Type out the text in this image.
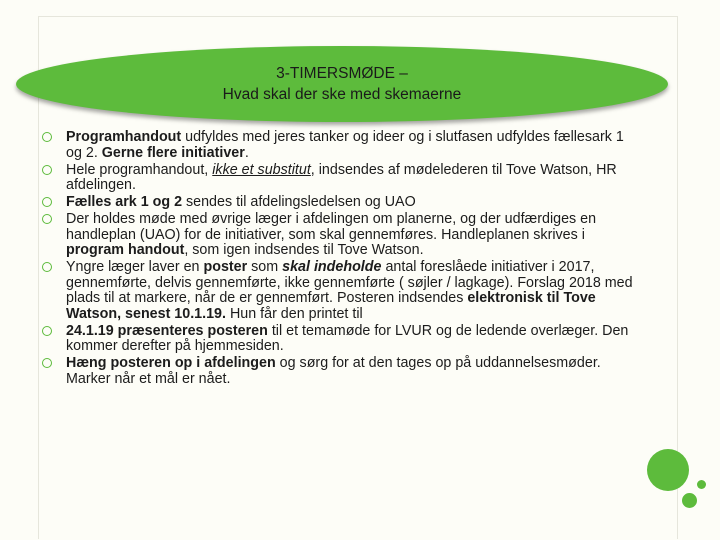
3-TIMERSMØDE –
Hvad skal der ske med skemaerne
Programhandout udfyldes med jeres tanker og ideer og i slutfasen udfyldes fællesark 1 og 2. Gerne flere initiativer.
Hele programhandout, ikke et substitut, indsendes af mødelederen til Tove Watson, HR afdelingen.
Fælles ark 1 og 2 sendes til afdelingsledelsen og UAO
Der holdes møde med øvrige læger i afdelingen om planerne, og der udfærdiges en handleplan (UAO) for de initiativer, som skal gennemføres. Handleplanen skrives i program handout, som igen indsendes til Tove Watson.
Yngre læger laver en poster som skal indeholde antal foreslåede initiativer i 2017, gennemførte, delvis gennemførte, ikke gennemførte ( søjler / lagkage). Forslag 2018 med plads til at markere, når de er gennemført. Posteren indsendes elektronisk til Tove Watson, senest 10.1.19. Hun får den printet til
24.1.19 præsenteres posteren til et temamøde for LVUR og de ledende overlæger. Den kommer derefter på hjemmesiden.
Hæng posteren op i afdelingen og sørg for at den tages op på uddannelsesmøder. Marker når et mål er nået.
